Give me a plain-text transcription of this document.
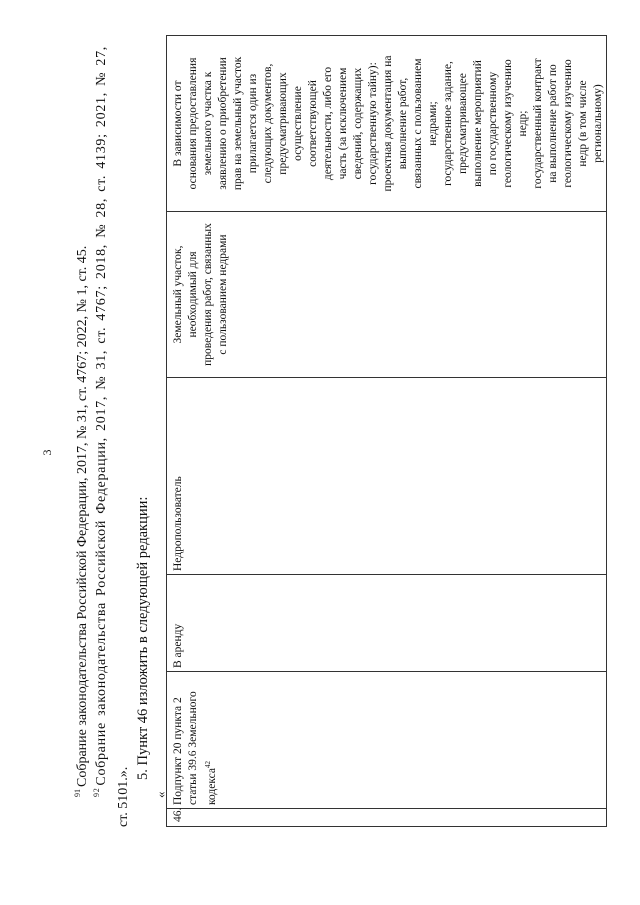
3
$^{91}$Собрание законодательства Российской Федерации, 2017, № 31, ст. 4767; 2022, № 1, ст. 45.
$^{92}$Собрание законодательства Российской Федерации, 2017, № 31, ст. 4767; 2018, № 28, ст. 4139; 2021, № 27,
ст. 5101.».
5. Пункт 46 изложить в следующей редакции:
«
46.	Подпункт 20 пункта 2 статьи 39.6 Земельного кодекса$^{42}$	В аренду	Недропользователь	Земельный участок, необходимый для проведения работ, связанных с пользованием недрами	
В зависимости от основания предоставления земельного участка к заявлению о приобретении прав на земельный участок прилагается один из следующих документов, предусматривающих осуществление соответствующей деятельности, либо его часть (за исключением сведений, содержащих государственную тайну): проектная документация на выполнение работ, связанных с пользованием недрами; государственное задание, предусматривающее выполнение мероприятий по государственному геологическому изучению недр; государственный контракт на выполнение работ по геологическому изучению недр (в том числе региональному)
